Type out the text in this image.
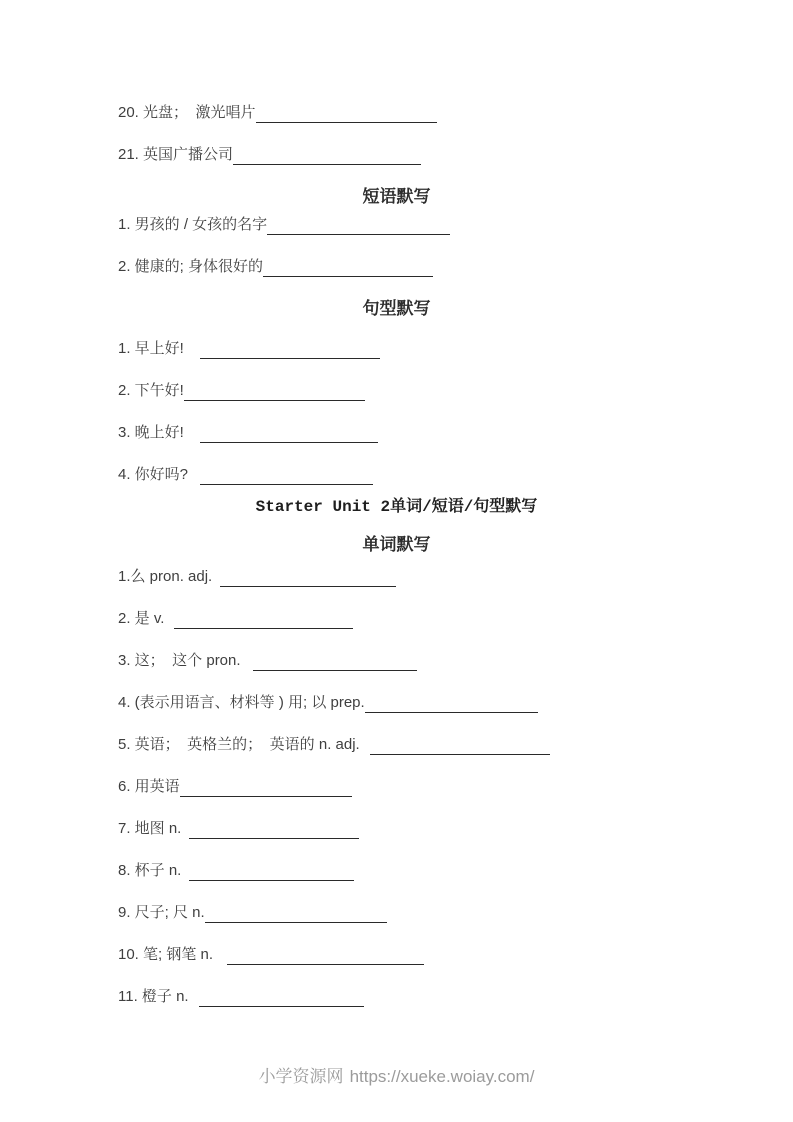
20. 光盘；　激光唱片
21. 英国广播公司
短语默写
1. 男孩的 / 女孩的名字
2. 健康的; 身体很好的
句型默写
1. 早上好!
2. 下午好!
3. 晚上好!
4. 你好吗?
Starter Unit 2单词/短语/句型默写
单词默写
1.么 pron. adj.
2. 是 v.
3. 这；　这个 pron.
4. (表示用语言、材料等 ) 用; 以 prep.
5. 英语；　英格兰的；　英语的 n. adj.
6. 用英语
7. 地图 n.
8. 杯子 n.
9. 尺子; 尺 n.
10. 笔; 钢笔 n.
11. 橙子 n.
小学资源网 https://xueke.woiay.com/
